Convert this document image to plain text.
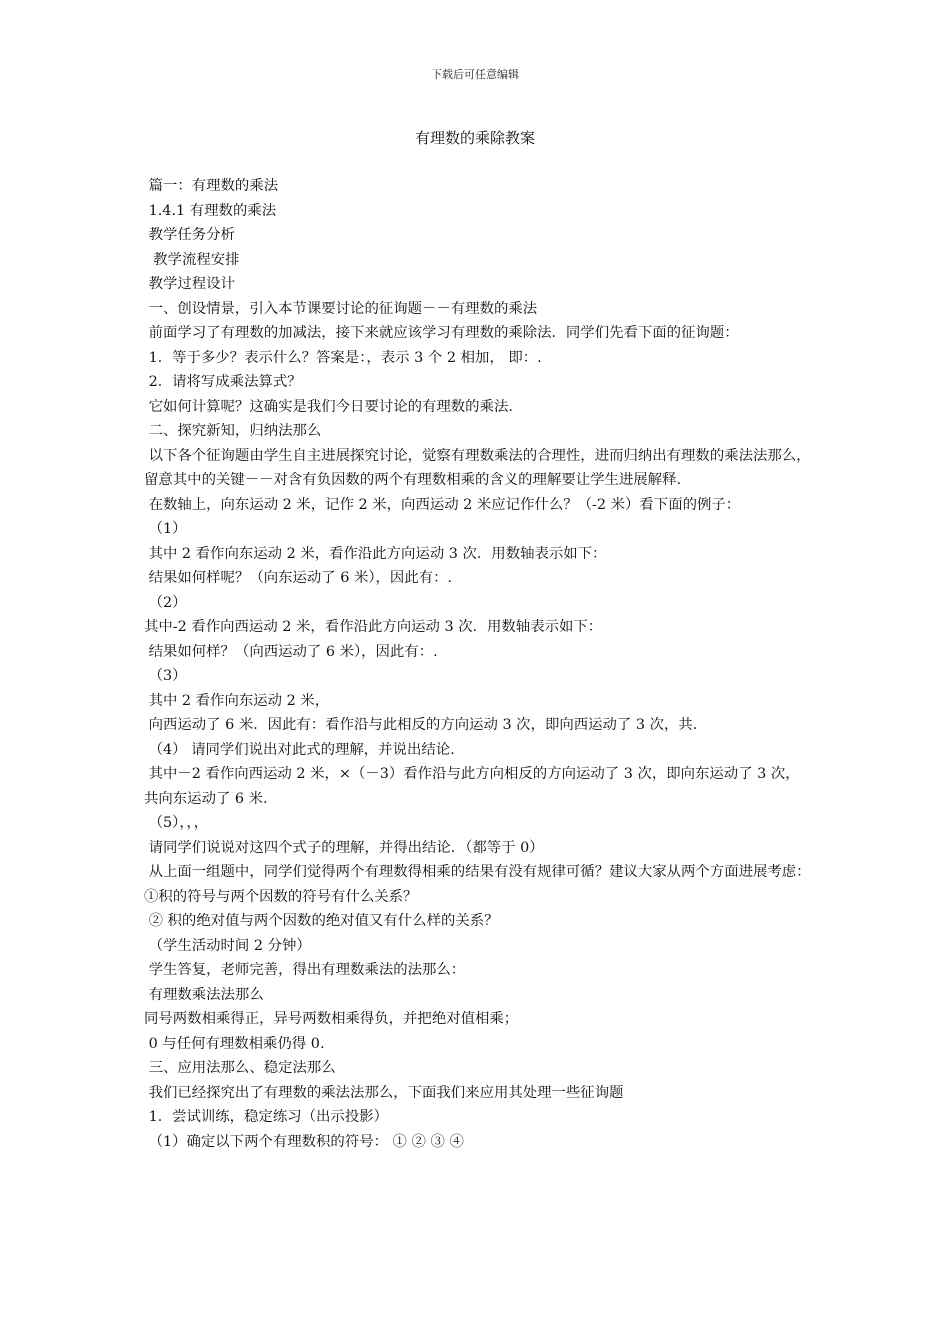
下载后可任意编辑
有理数的乘除教案
篇一：有理数的乘法
1.4.1 有理数的乘法
教学任务分析
教学流程安排
教学过程设计
一、创设情景，引入本节课要讨论的征询题－－有理数的乘法
前面学习了有理数的加减法，接下来就应该学习有理数的乘除法．同学们先看下面的征询题：
1．等于多少？表示什么？答案是：，表示 3 个 2 相加， 即：.
2．请将写成乘法算式？
它如何计算呢？这确实是我们今日要讨论的有理数的乘法.
二、探究新知，归纳法那么
以下各个征询题由学生自主进展探究讨论，觉察有理数乘法的合理性，进而归纳出有理数的乘法法那么，留意其中的关键－－对含有负因数的两个有理数相乘的含义的理解要让学生进展解释.
在数轴上，向东运动 2 米，记作 2 米，向西运动 2 米应记作什么？（-2 米）看下面的例子：
（1）
其中 2 看作向东运动 2 米，看作沿此方向运动 3 次．用数轴表示如下：
结果如何样呢？（向东运动了 6 米），因此有：.
（2）
其中-2 看作向西运动 2 米，看作沿此方向运动 3 次．用数轴表示如下：
结果如何样？（向西运动了 6 米），因此有：.
（3）
其中 2 看作向东运动 2 米，
向西运动了 6 米．因此有：看作沿与此相反的方向运动 3 次，即向西运动了 3 次，共.
（4） 请同学们说出对此式的理解，并说出结论.
其中－2 看作向西运动 2 米，×（－3）看作沿与此方向相反的方向运动了 3 次，即向东运动了 3 次，共向东运动了 6 米.
（5），，，
请同学们说说对这四个式子的理解，并得出结论．（都等于 0）
从上面一组题中，同学们觉得两个有理数得相乘的结果有没有规律可循？建议大家从两个方面进展考虑：①积的符号与两个因数的符号有什么关系？
② 积的绝对值与两个因数的绝对值又有什么样的关系？
（学生活动时间 2 分钟）
学生答复，老师完善，得出有理数乘法的法那么：
有理数乘法法那么
同号两数相乘得正，异号两数相乘得负，并把绝对值相乘；
0 与任何有理数相乘仍得 0.
三、应用法那么、稳定法那么
我们已经探究出了有理数的乘法法那么，下面我们来应用其处理一些征询题
1．尝试训练，稳定练习（出示投影）
（1）确定以下两个有理数积的符号： ① ② ③ ④
